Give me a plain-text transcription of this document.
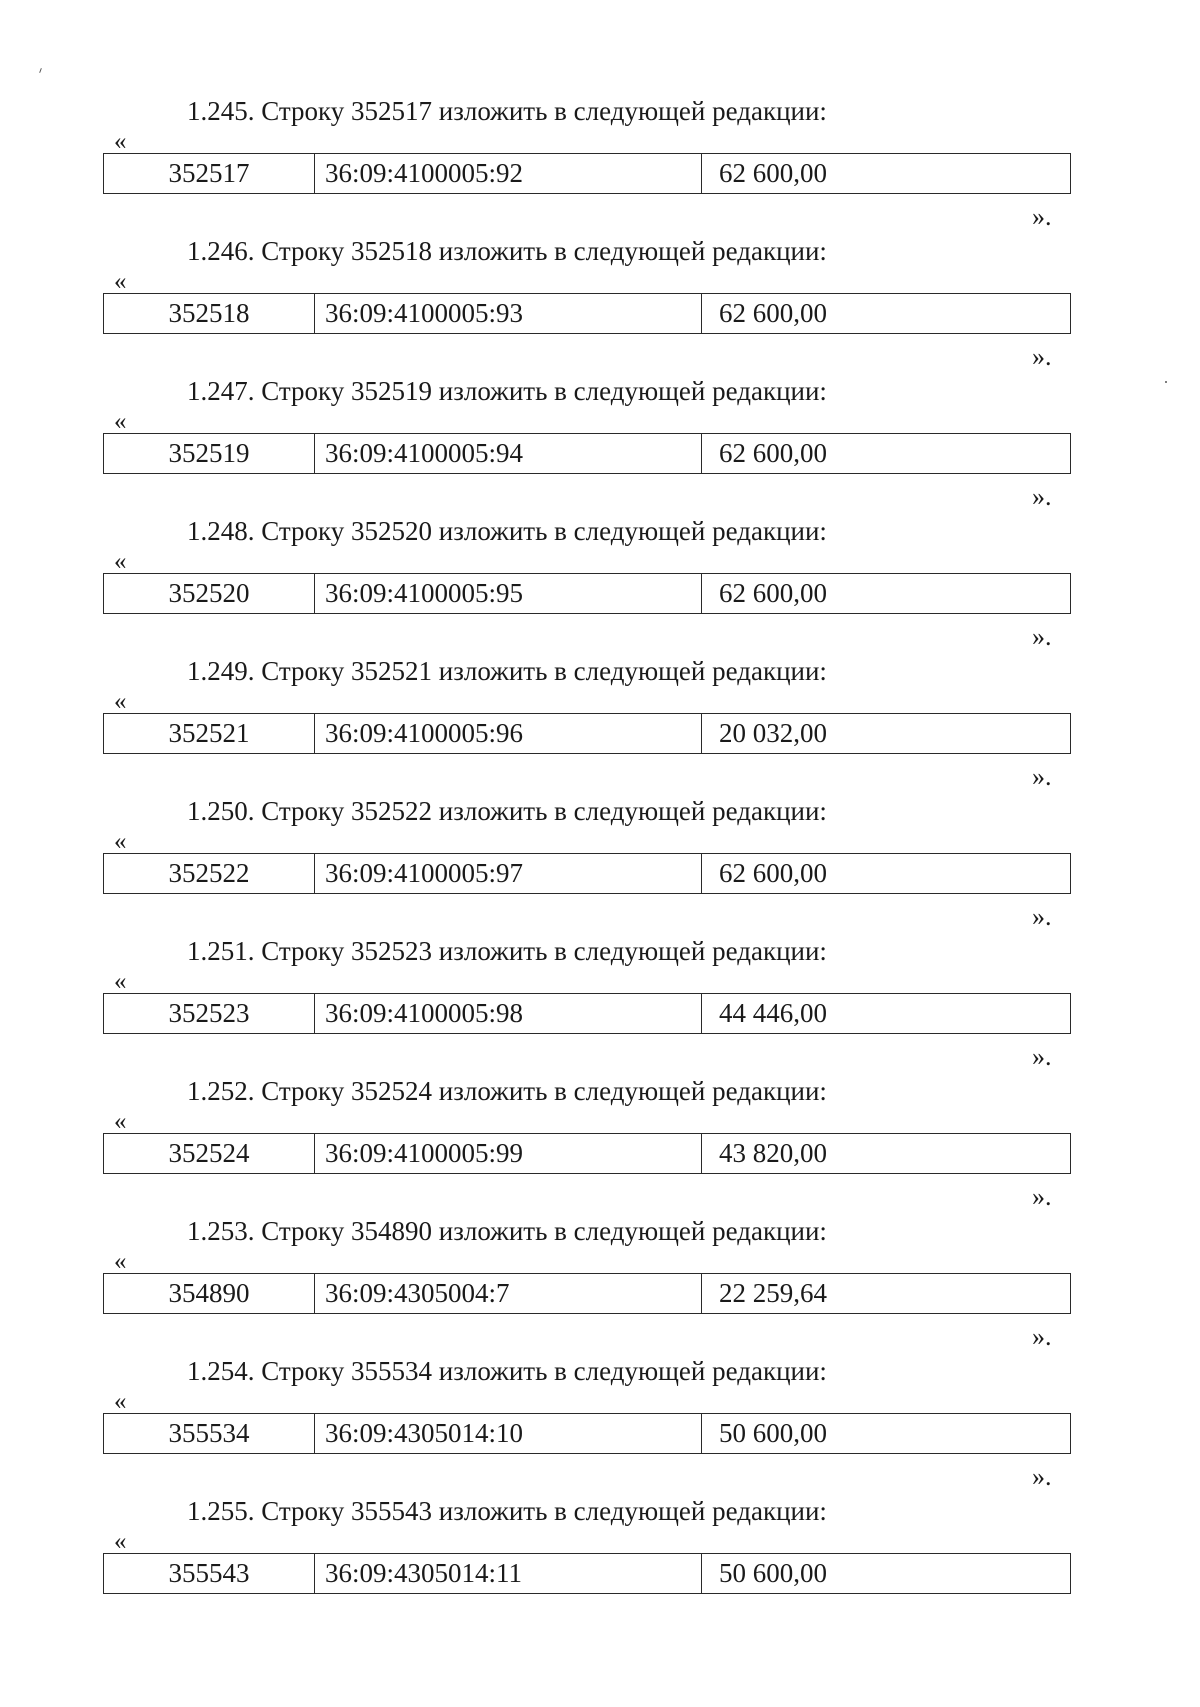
1.245. Строку 352517 изложить в следующей редакции:
«
352517	36:09:4100005:92	62 600,00
».
1.246. Строку 352518 изложить в следующей редакции:
«
352518	36:09:4100005:93	62 600,00
».
1.247. Строку 352519 изложить в следующей редакции:
«
352519	36:09:4100005:94	62 600,00
».
1.248. Строку 352520 изложить в следующей редакции:
«
352520	36:09:4100005:95	62 600,00
».
1.249. Строку 352521 изложить в следующей редакции:
«
352521	36:09:4100005:96	20 032,00
».
1.250. Строку 352522 изложить в следующей редакции:
«
352522	36:09:4100005:97	62 600,00
».
1.251. Строку 352523 изложить в следующей редакции:
«
352523	36:09:4100005:98	44 446,00
».
1.252. Строку 352524 изложить в следующей редакции:
«
352524	36:09:4100005:99	43 820,00
».
1.253. Строку 354890 изложить в следующей редакции:
«
354890	36:09:4305004:7	22 259,64
».
1.254. Строку 355534 изложить в следующей редакции:
«
355534	36:09:4305014:10	50 600,00
».
1.255. Строку 355543 изложить в следующей редакции:
«
355543	36:09:4305014:11	50 600,00
